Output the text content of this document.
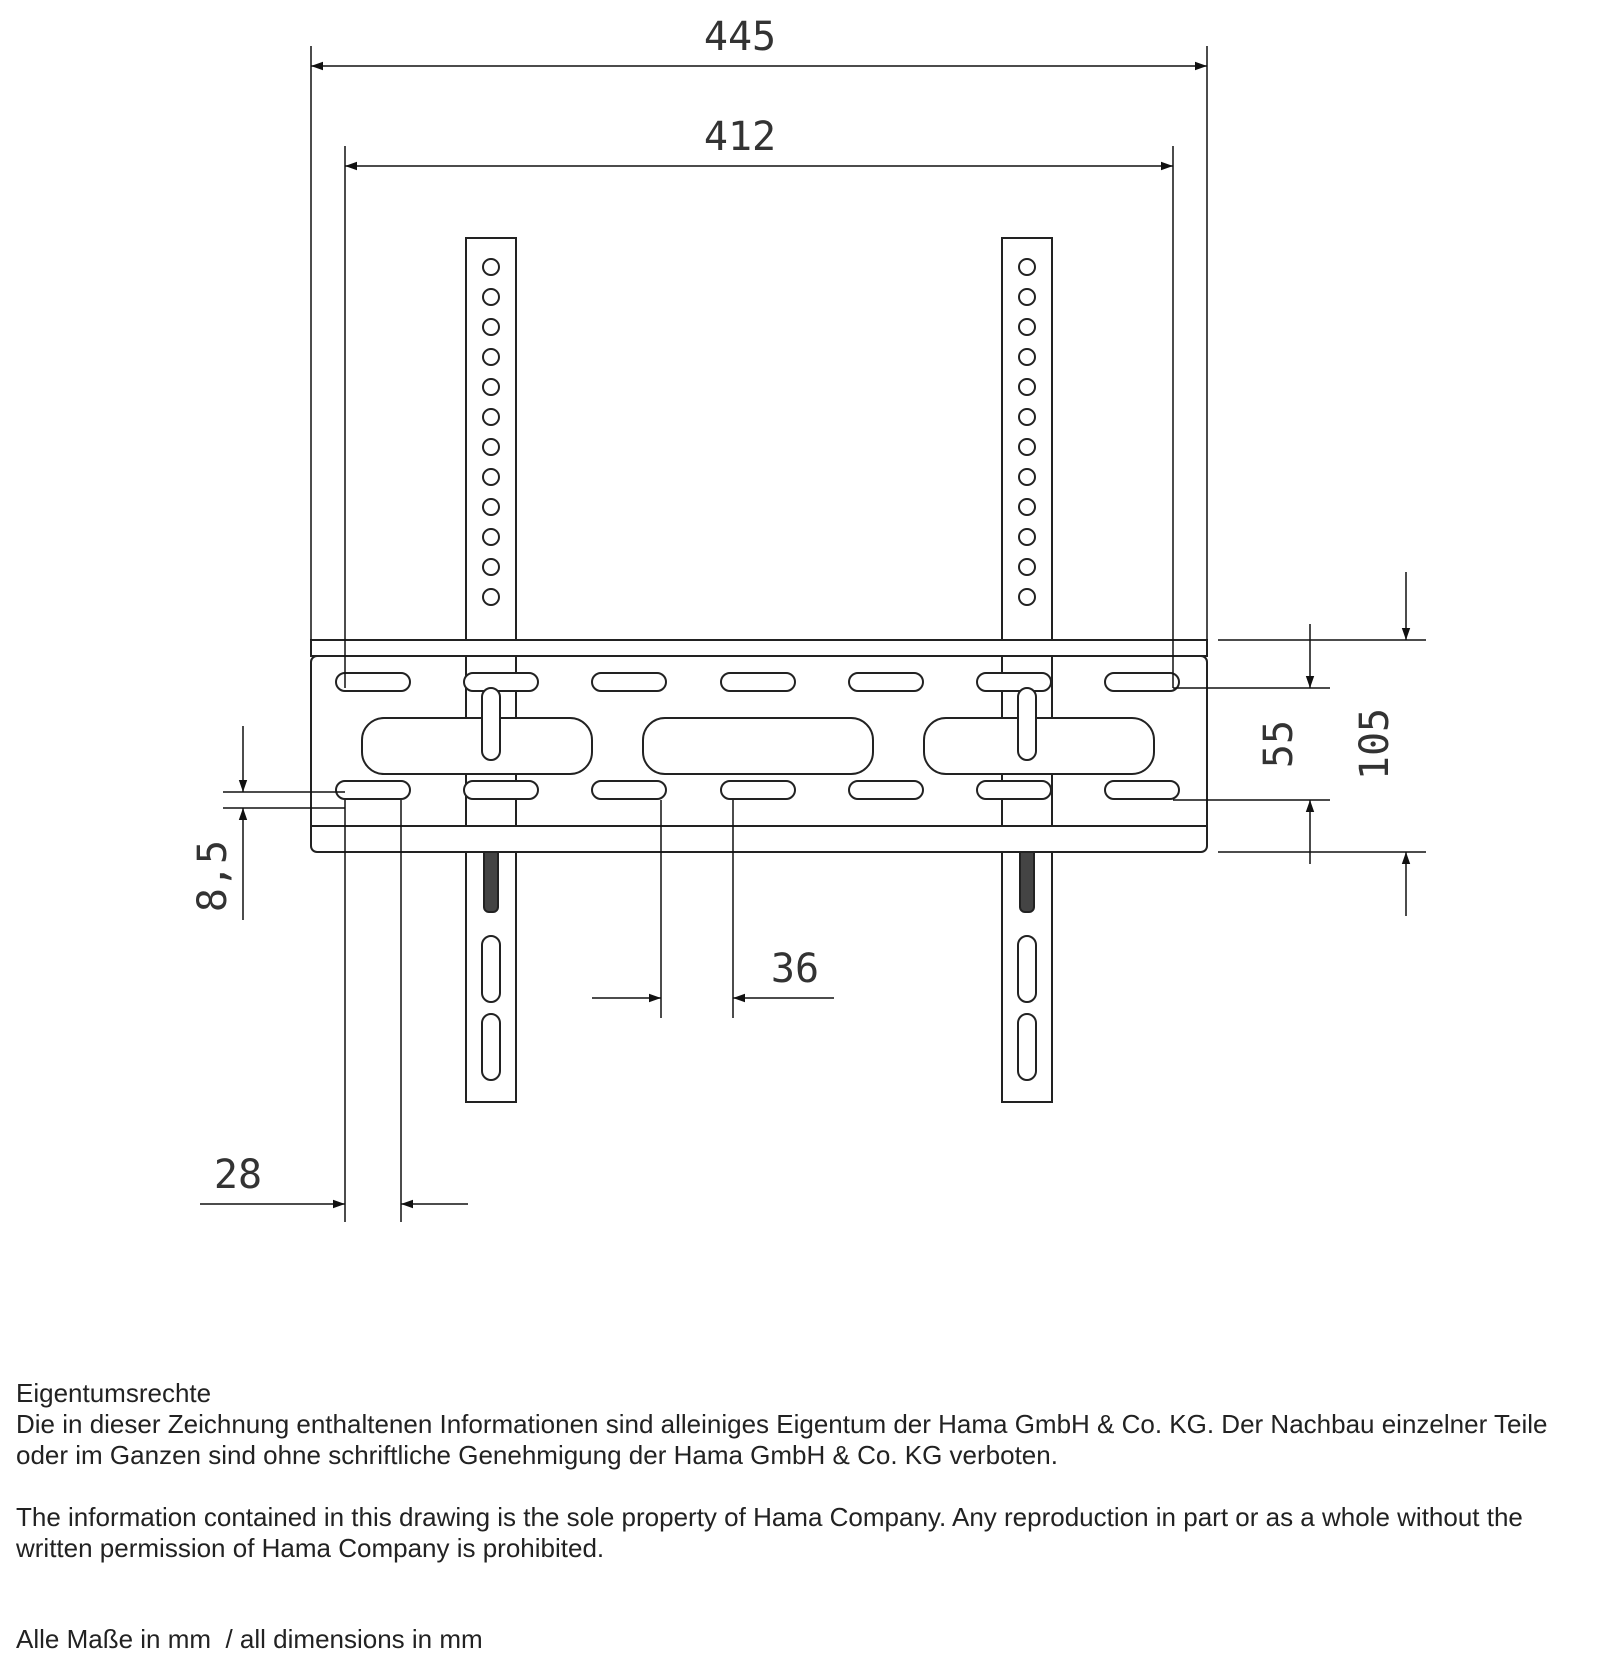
445
412
55 105
8,5
36
28

Eigentumsrechte

Die in dieser Zeichnung enthaltenen Informationen sind alleiniges Eigentum der Hama GmbH & Co. KG. Der Nachbau einzelner Teile oder im Ganzen sind ohne schriftliche Genehmigung der Hama GmbH & Co. KG verboten.

The information contained in this drawing is the sole property of Hama Company. Any reproduction in part or as a whole without the written permission of Hama Company is prohibited.

Alle Maße in mm  / all dimensions in mm
